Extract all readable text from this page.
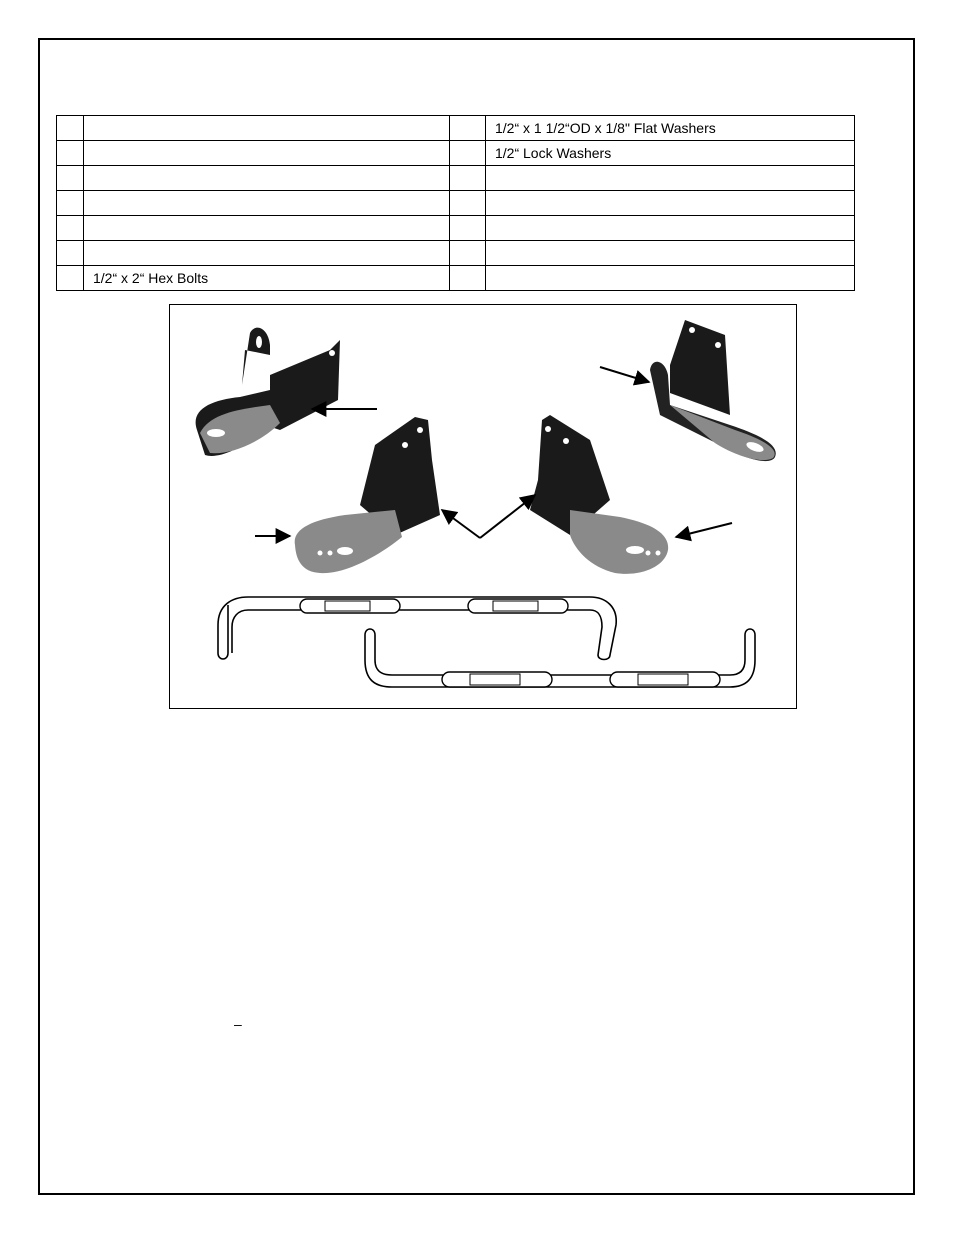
			1/2“ x 1 1/2“OD x 1/8" Flat Washers
			1/2“ Lock Washers

	1/2“ x 2“ Hex Bolts		
–
